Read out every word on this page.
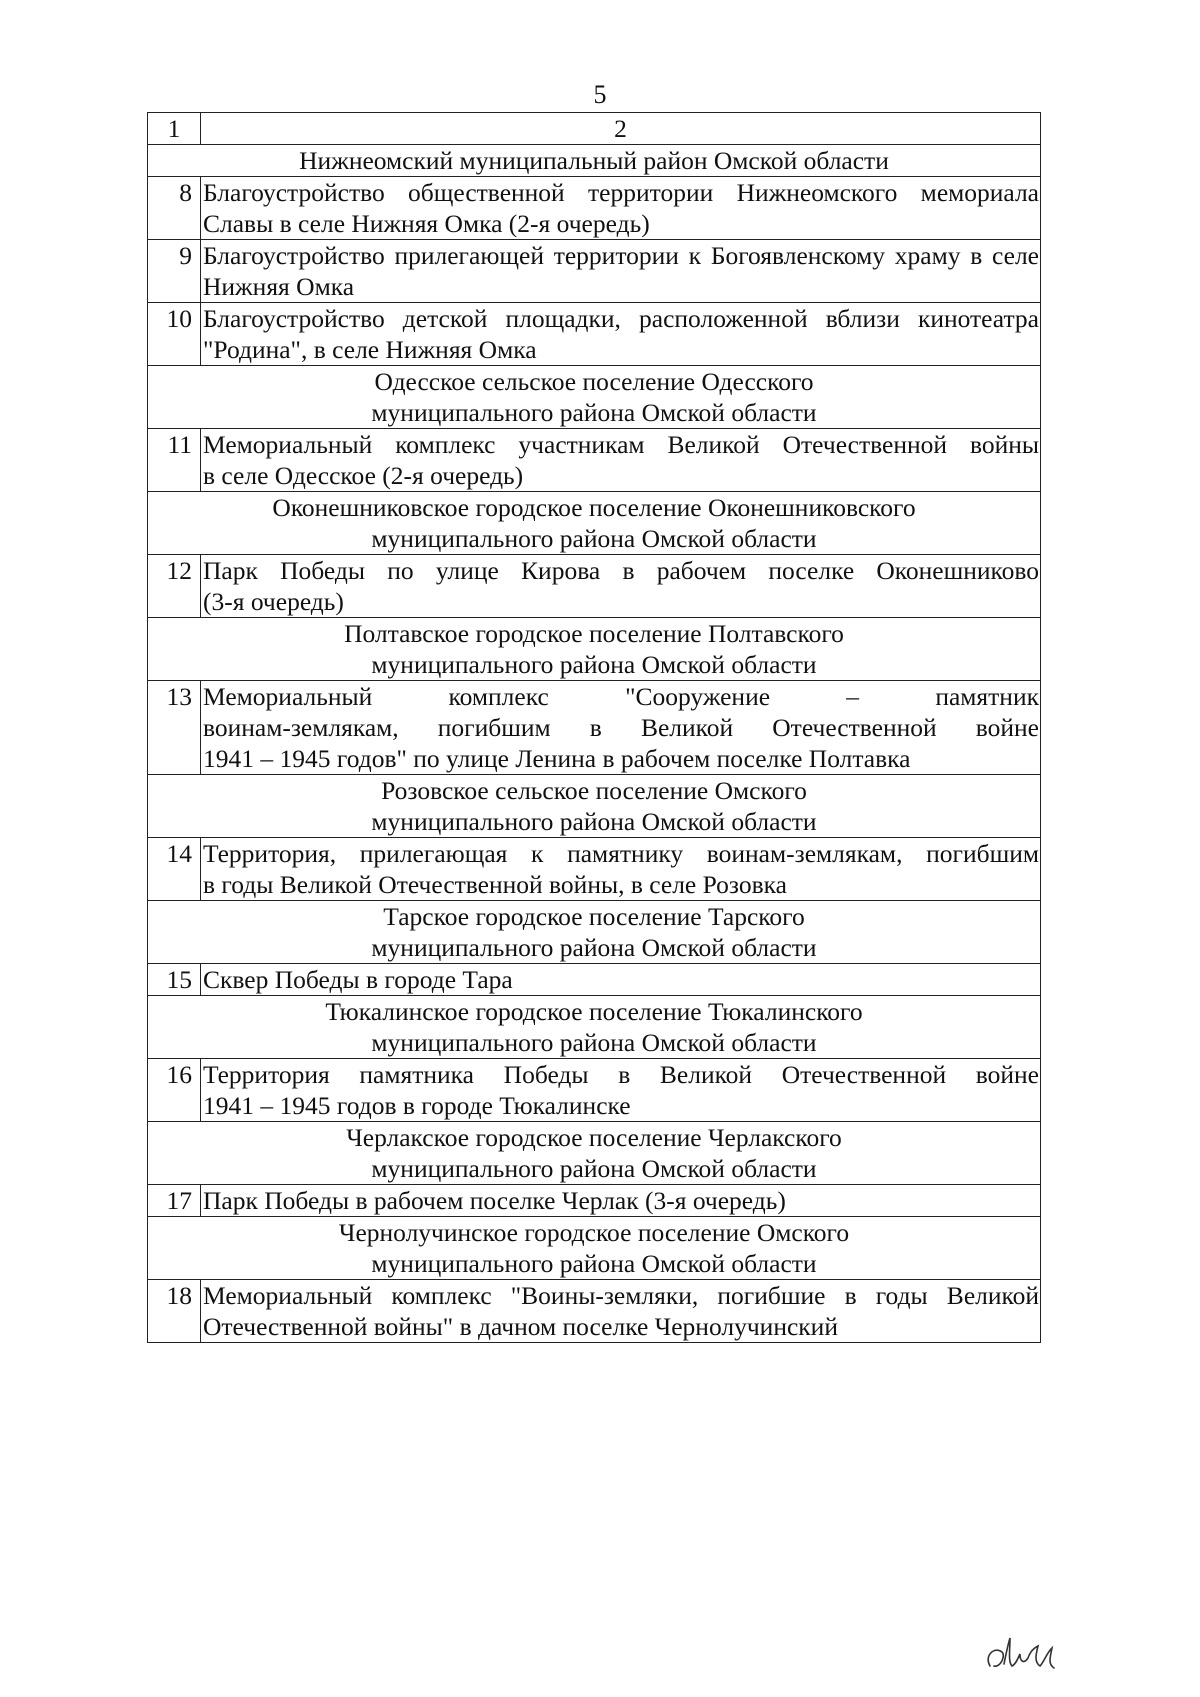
5
1	2

Нижнеомский муниципальный район Омской области	

8	Благоустройство общественной территории Нижнеомского мемориала
Славы в селе Нижняя Омка (2-я очередь)

9	Благоустройство прилегающей территории к Богоявленскому храму в селе
Нижняя Омка

10	Благоустройство детской площадки, расположенной вблизи кинотеатра
"Родина", в селе Нижняя Омка

Одесское сельское поселение Одесского
муниципального района Омской области	

11	Мемориальный комплекс участникам Великой Отечественной войны
в селе Одесское (2-я очередь)

Оконешниковское городское поселение Оконешниковского
муниципального района Омской области	

12	Парк Победы по улице Кирова в рабочем поселке Оконешниково
(3-я очередь)

Полтавское городское поселение Полтавского
муниципального района Омской области	

13	Мемориальный комплекс "Сооружение – памятник
воинам-землякам, погибшим в Великой Отечественной войне
1941 – 1945 годов" по улице Ленина в рабочем поселке Полтавка

Розовское сельское поселение Омского
муниципального района Омской области	

14	Территория, прилегающая к памятнику воинам-землякам, погибшим
в годы Великой Отечественной войны, в селе Розовка

Тарское городское поселение Тарского
муниципального района Омской области	

15	Сквер Победы в городе Тара

Тюкалинское городское поселение Тюкалинского
муниципального района Омской области	

16	Территория памятника Победы в Великой Отечественной войне
1941 – 1945 годов в городе Тюкалинске

Черлакское городское поселение Черлакского
муниципального района Омской области	

17	Парк Победы в рабочем поселке Черлак (3-я очередь)

Чернолучинское городское поселение Омского
муниципального района Омской области	

18	Мемориальный комплекс "Воины-земляки, погибшие в годы Великой
Отечественной войны" в дачном поселке Чернолучинский
